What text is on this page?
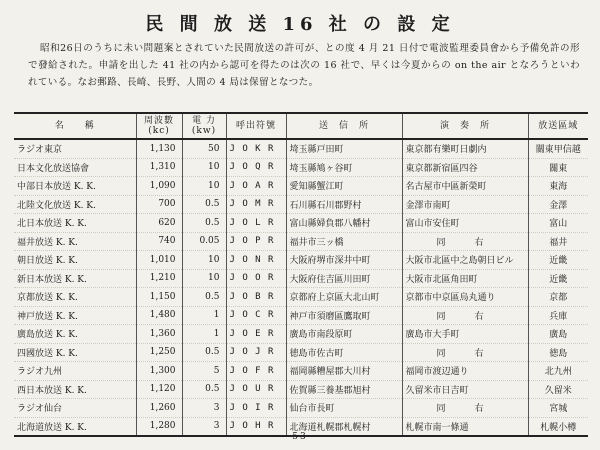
民 間 放 送 16 社 の 設 定
昭和26日のうちに未い問題案とされていた民間放送の許可が、との度 4 月 21 日付で電波監理委員會から予備免許の形で發給された。申請を出した 41 社の内から認可を得たのは次の 16 社で、早くは今夏からの on the air となろうといわれている。なお郵路、長崎、長野、人間の 4 局は保留となつた。
名　　稱	周波數 (kc)	電 力 (kw)	呼出符號	送　信　所	演　奏　所	放送區域
ラジオ東京	1,130	50	J O K R	埼玉縣戸田町	東京都有樂町日劇内	關東甲信越
日本文化放送協會	1,310	10	J O Q R	埼玉縣鳩ヶ谷町	東京都新宿區四谷	關東
中部日本放送 K. K.	1,090	10	J O A R	愛知縣蟹江町	名古屋市中區新榮町	東海
北陸文化放送 K. K.	700	0.5	J O M R	石川縣石川郡野村	金澤市南町	金澤
北日本放送 K. K.	620	0.5	J O L R	富山縣婦負郡八幡村	富山市安住町	富山
福井放送 K. K.	740	0.05	J O P R	福井市三ッ橋	同　右	福井
朝日放送 K. K.	1,010	10	J O N R	大阪府堺市深井中町	大阪市北區中之島朝日ビル	近畿
新日本放送 K. K.	1,210	10	J O O R	大阪府住吉區川田町	大阪市北區角田町	近畿
京都放送 K. K.	1,150	0.5	J O B R	京都府上京區大北山町	京都市中京區烏丸通り	京都
神戸放送 K. K.	1,480	1	J O C R	神戸市須磨區鷹取町	同　右	兵庫
廣島放送 K. K.	1,360	1	J O E R	廣島市南段原町	廣島市大手町	廣島
四國放送 K. K.	1,250	0.5	J O J R	徳島市佐古町	同　右	徳島
ラジオ九州	1,300	5	J O F R	福岡縣糟屋郡大川村	福岡市渡辺通り	北九州
西日本放送 K. K.	1,120	0.5	J O U R	佐賀縣三養基郡旭村	久留米市日吉町	久留米
ラジオ仙台	1,260	3	J O I R	仙台市長町	同　右	宮城
北海道放送 K. K.	1,280	3	J O H R	北海道札幌郡札幌村	札幌市南一條通	札幌小樽
— 53 —
